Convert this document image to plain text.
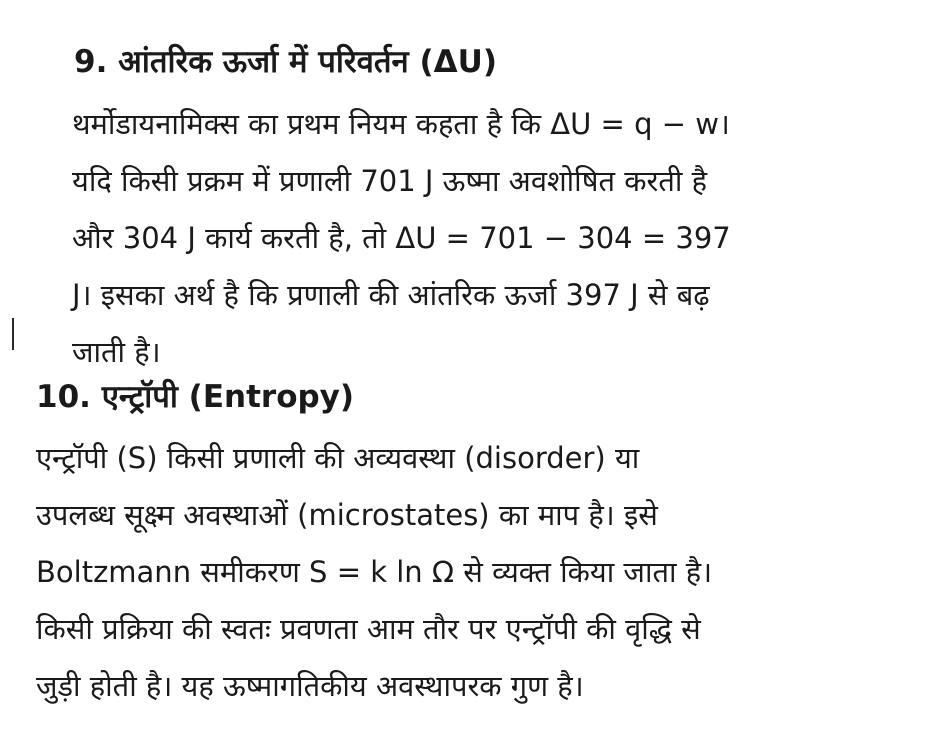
9. आंतरिक ऊर्जा में परिवर्तन (ΔU)
थर्मोडायनामिक्स का प्रथम नियम कहता है कि ΔU = q − w।
यदि किसी प्रक्रम में प्रणाली 701 J ऊष्मा अवशोषित करती है
और 304 J कार्य करती है, तो ΔU = 701 − 304 = 397
J। इसका अर्थ है कि प्रणाली की आंतरिक ऊर्जा 397 J से बढ़
जाती है।
10. एन्ट्रॉपी (Entropy)
एन्ट्रॉपी (S) किसी प्रणाली की अव्यवस्था (disorder) या
उपलब्ध सूक्ष्म अवस्थाओं (microstates) का माप है। इसे
Boltzmann समीकरण S = k ln Ω से व्यक्त किया जाता है।
किसी प्रक्रिया की स्वतः प्रवणता आम तौर पर एन्ट्रॉपी की वृद्धि से
जुड़ी होती है। यह ऊष्मागतिकीय अवस्थापरक गुण है।
